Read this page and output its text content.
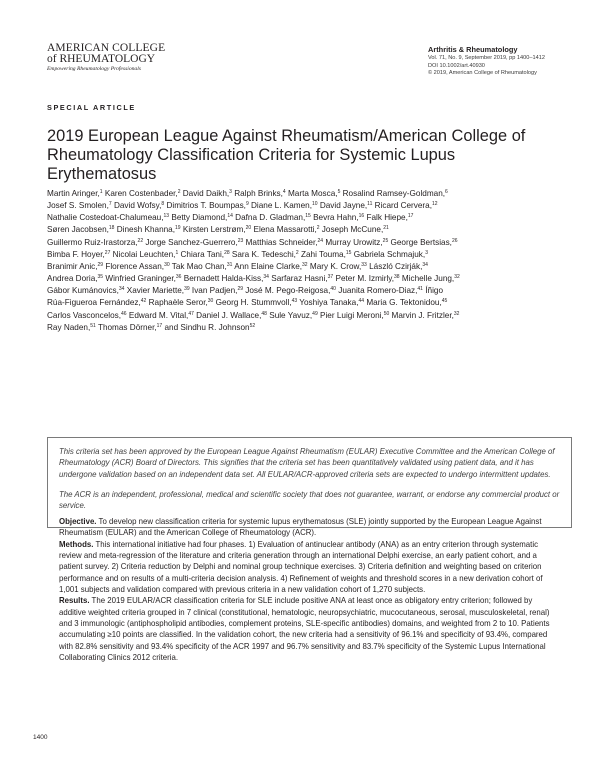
AMERICAN COLLEGE
of RHEUMATOLOGY
Empowering Rheumatology Professionals
Arthritis & Rheumatology
Vol. 71, No. 9, September 2019, pp 1400–1412
DOI 10.1002/art.40930
© 2019, American College of Rheumatology
SPECIAL ARTICLE
2019 European League Against Rheumatism/American College of Rheumatology Classification Criteria for Systemic Lupus Erythematosus

Martin Aringer,$^1$ Karen Costenbader,$^2$ David Daikh,$^3$ Ralph Brinks,$^4$ Marta Mosca,$^5$ Rosalind Ramsey-Goldman,$^6$

Josef S. Smolen,$^7$ David Wofsy,$^8$ Dimitrios T. Boumpas,$^9$ Diane L. Kamen,$^{10}$ David Jayne,$^{11}$ Ricard Cervera,$^{12}$

Nathalie Costedoat-Chalumeau,$^{13}$ Betty Diamond,$^{14}$ Dafna D. Gladman,$^{15}$ Bevra Hahn,$^{16}$ Falk Hiepe,$^{17}$

Søren Jacobsen,$^{18}$ Dinesh Khanna,$^{19}$ Kirsten Lerstrøm,$^{20}$ Elena Massarotti,$^2$ Joseph McCune,$^{21}$

Guillermo Ruiz-Irastorza,$^{22}$ Jorge Sanchez-Guerrero,$^{23}$ Matthias Schneider,$^{24}$ Murray Urowitz,$^{25}$ George Bertsias,$^{26}$

Bimba F. Hoyer,$^{27}$ Nicolai Leuchten,$^1$ Chiara Tani,$^{28}$ Sara K. Tedeschi,$^2$ Zahi Touma,$^{15}$ Gabriela Schmajuk,$^3$

Branimir Anic,$^{29}$ Florence Assan,$^{30}$ Tak Mao Chan,$^{31}$ Ann Elaine Clarke,$^{32}$ Mary K. Crow,$^{33}$ László Czirják,$^{34}$

Andrea Doria,$^{35}$ Winfried Graninger,$^{36}$ Bernadett Halda-Kiss,$^{34}$ Sarfaraz Hasni,$^{37}$ Peter M. Izmirly,$^{38}$ Michelle Jung,$^{32}$

Gábor Kumánovics,$^{34}$ Xavier Mariette,$^{39}$ Ivan Padjen,$^{29}$ José M. Pego-Reigosa,$^{40}$ Juanita Romero-Diaz,$^{41}$ Íñigo

Rúa-Figueroa Fernández,$^{42}$ Raphaèle Seror,$^{30}$ Georg H. Stummvoll,$^{43}$ Yoshiya Tanaka,$^{44}$ Maria G. Tektonidou,$^{45}$

Carlos Vasconcelos,$^{46}$ Edward M. Vital,$^{47}$ Daniel J. Wallace,$^{48}$ Sule Yavuz,$^{49}$ Pier Luigi Meroni,$^{50}$ Marvin J. Fritzler,$^{32}$

Ray Naden,$^{51}$ Thomas Dörner,$^{17}$ and Sindhu R. Johnson$^{52}$

This criteria set has been approved by the European League Against Rheumatism (EULAR) Executive Committee and the American College of Rheumatology (ACR) Board of Directors. This signifies that the criteria set has been quantitatively validated using patient data, and it has undergone validation based on an independent data set. All EULAR/ACR-approved criteria sets are expected to undergo intermittent updates.

The ACR is an independent, professional, medical and scientific society that does not guarantee, warrant, or endorse any commercial product or service.

Objective. To develop new classification criteria for systemic lupus erythematosus (SLE) jointly supported by the European League Against Rheumatism (EULAR) and the American College of Rheumatology (ACR).

Methods. This international initiative had four phases. 1) Evaluation of antinuclear antibody (ANA) as an entry criterion through systematic review and meta-regression of the literature and criteria generation through an international Delphi exercise, an early patient cohort, and a patient survey. 2) Criteria reduction by Delphi and nominal group technique exercises. 3) Criteria definition and weighting based on criterion performance and on results of a multi-criteria decision analysis. 4) Refinement of weights and threshold scores in a new derivation cohort of 1,001 subjects and validation compared with previous criteria in a new validation cohort of 1,270 subjects.

Results. The 2019 EULAR/ACR classification criteria for SLE include positive ANA at least once as obligatory entry criterion; followed by additive weighted criteria grouped in 7 clinical (constitutional, hematologic, neuropsychiatric, mucocutaneous, serosal, musculoskeletal, renal) and 3 immunologic (antiphospholipid antibodies, complement proteins, SLE-specific antibodies) domains, and weighted from 2 to 10. Patients accumulating ≥10 points are classified. In the validation cohort, the new criteria had a sensitivity of 96.1% and specificity of 93.4%, compared with 82.8% sensitivity and 93.4% specificity of the ACR 1997 and 96.7% sensitivity and 83.7% specificity of the Systemic Lupus International Collaborating Clinics 2012 criteria.

1400
